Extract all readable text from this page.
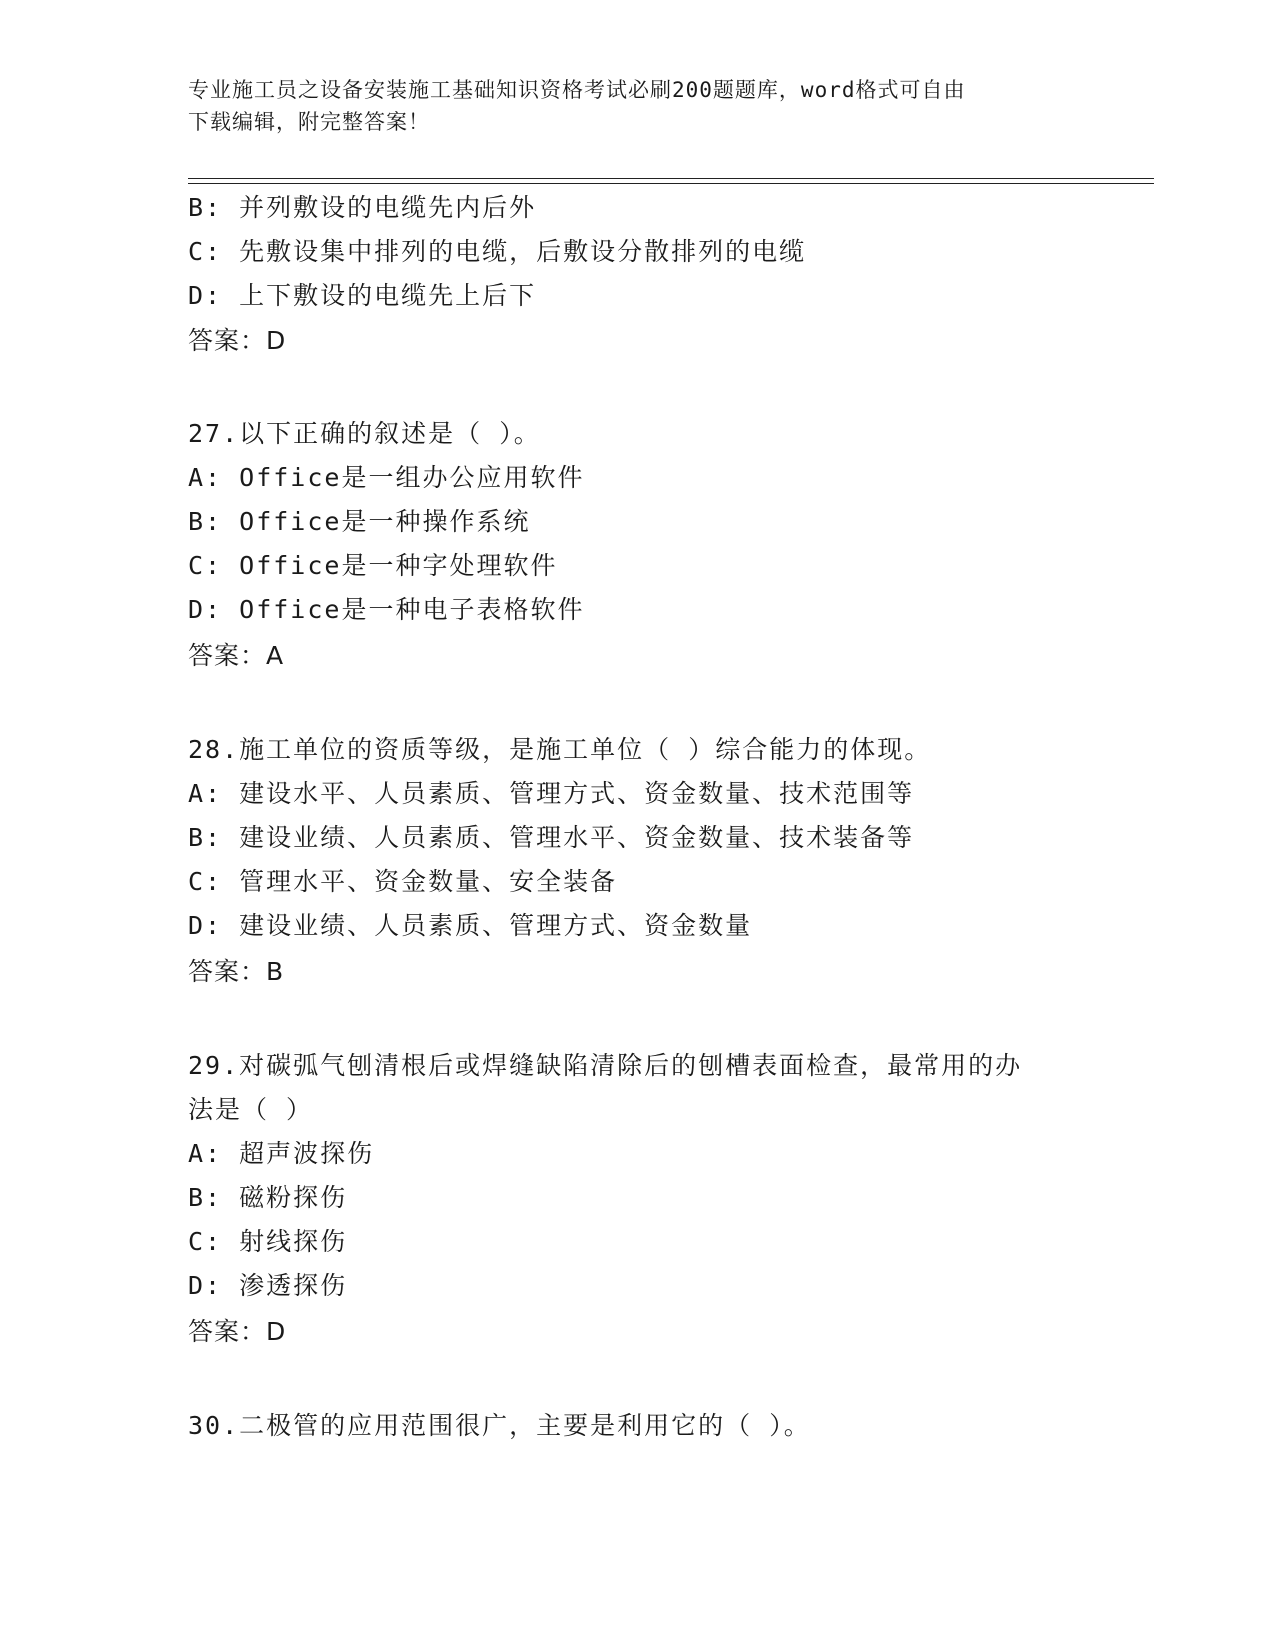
专业施工员之设备安装施工基础知识资格考试必刷200题题库，word格式可自由
下载编辑，附完整答案！
B: 并列敷设的电缆先内后外
C: 先敷设集中排列的电缆，后敷设分散排列的电缆
D: 上下敷设的电缆先上后下
答案：D
27.以下正确的叙述是（ ）。
A: Office是一组办公应用软件
B: Office是一种操作系统
C: Office是一种字处理软件
D: Office是一种电子表格软件
答案：A
28.施工单位的资质等级，是施工单位（ ）综合能力的体现。
A: 建设水平、人员素质、管理方式、资金数量、技术范围等
B: 建设业绩、人员素质、管理水平、资金数量、技术装备等
C: 管理水平、资金数量、安全装备
D: 建设业绩、人员素质、管理方式、资金数量
答案：B
29.对碳弧气刨清根后或焊缝缺陷清除后的刨槽表面检查，最常用的办
法是（ ）
A: 超声波探伤
B: 磁粉探伤
C: 射线探伤
D: 渗透探伤
答案：D
30.二极管的应用范围很广，主要是利用它的（ ）。
